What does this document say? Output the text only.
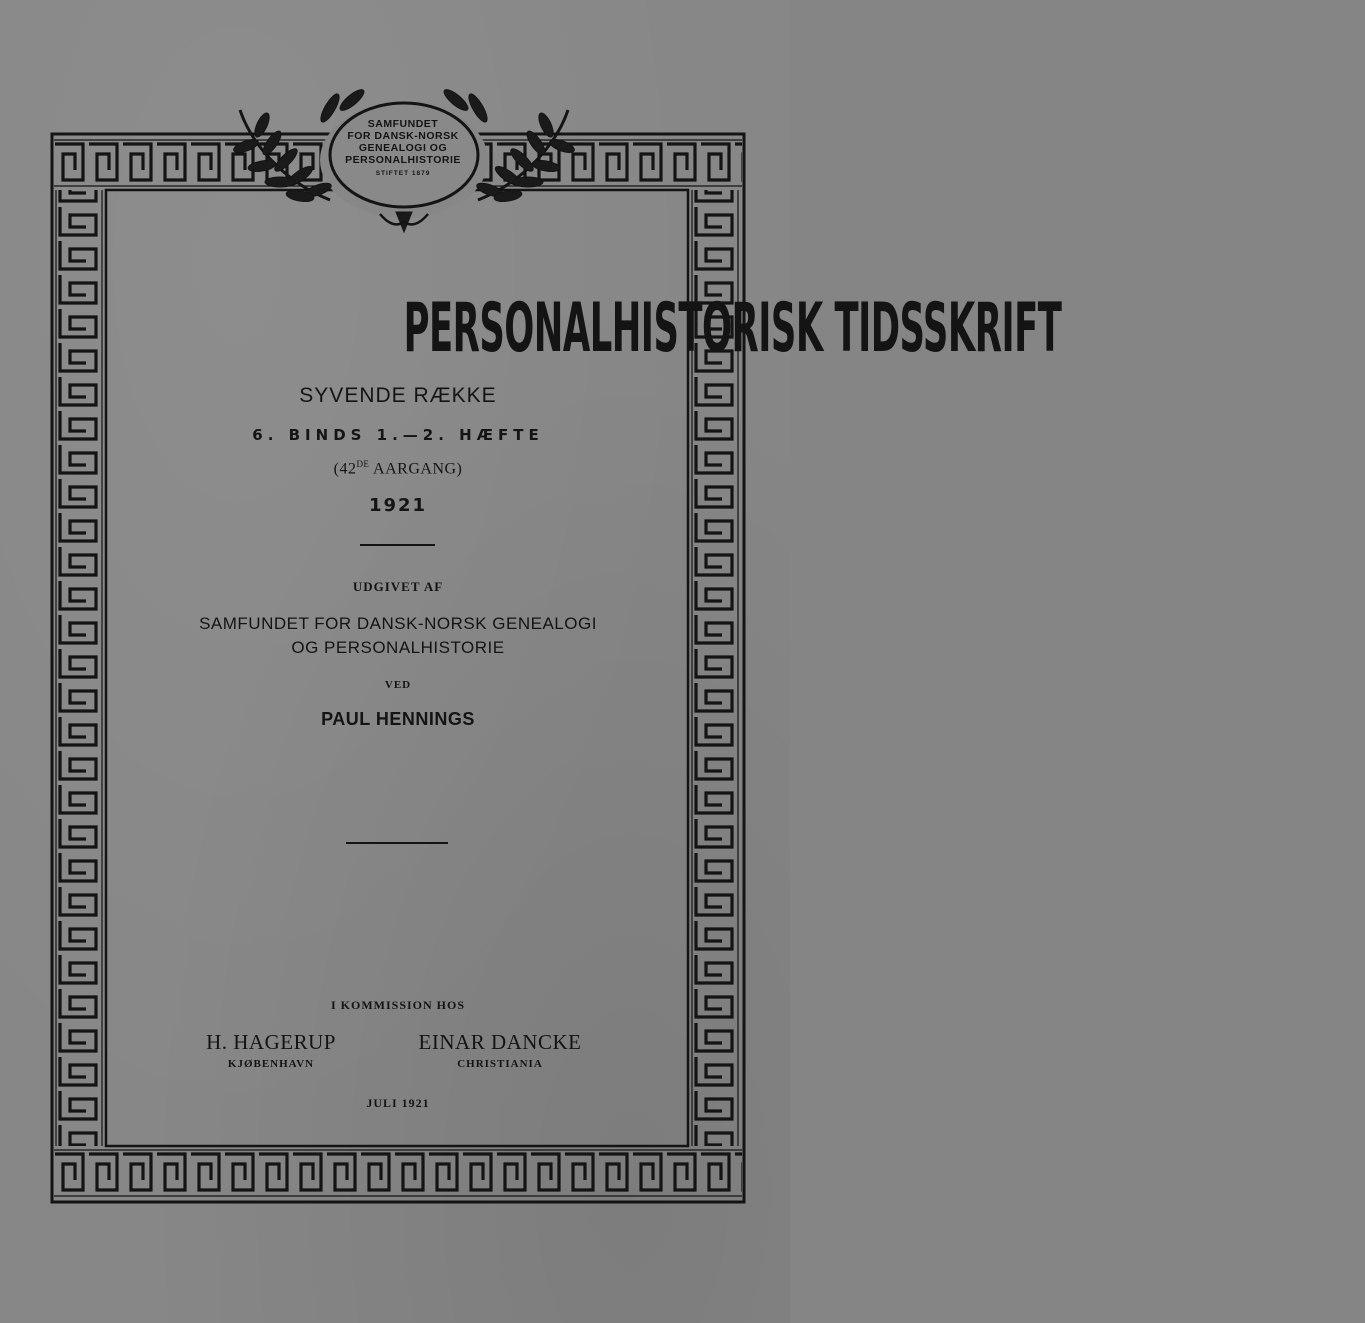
SAMFUNDET
FOR DANSK-NORSK
GENEALOGI OG
PERSONALHISTORIE
STIFTET 1879
PERSONALHISTORISK TIDSSKRIFT
SYVENDE RÆKKE
6. BINDS 1.—2. HÆFTE
(42DE AARGANG)
1921
UDGIVET AF
SAMFUNDET FOR DANSK-NORSK GENEALOGI
OG PERSONALHISTORIE
VED
PAUL HENNINGS
I KOMMISSION HOS
H. HAGERUP
KJØBENHAVN
EINAR DANCKE
CHRISTIANIA
JULI 1921
